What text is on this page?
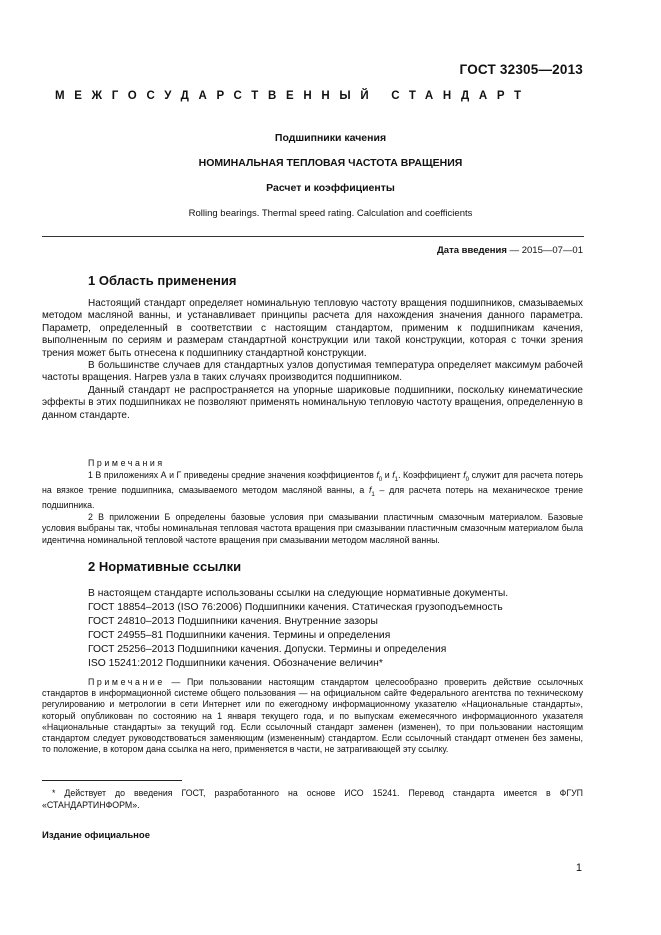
ГОСТ 32305—2013
МЕЖГОСУДАРСТВЕННЫЙ СТАНДАРТ
Подшипники качения
НОМИНАЛЬНАЯ ТЕПЛОВАЯ ЧАСТОТА ВРАЩЕНИЯ
Расчет и коэффициенты
Rolling bearings. Thermal speed rating. Calculation and coefficients
Дата введения — 2015—07—01
1 Область применения

Настоящий стандарт определяет номинальную тепловую частоту вращения подшипников, смазываемых методом масляной ванны, и устанавливает принципы расчета для нахождения значения данного параметра. Параметр, определенный в соответствии с настоящим стандартом, применим к подшипникам качения, выполненным по сериям и размерам стандартной конструкции или такой конструкции, которая с точки зрения трения может быть отнесена к подшипнику стандартной конструкции.

В большинстве случаев для стандартных узлов допустимая температура определяет максимум рабочей частоты вращения. Нагрев узла в таких случаях производится подшипником.

Данный стандарт не распространяется на упорные шариковые подшипники, поскольку кинематические эффекты в этих подшипниках не позволяют применять номинальную тепловую частоту вращения, определенную в данном стандарте.

Примечания

1 В приложениях А и Г приведены средние значения коэффициентов $f_0$ и $f_1$. Коэффициент $f_0$ служит для расчета потерь на вязкое трение подшипника, смазываемого методом масляной ванны, а $f_1$ – для расчета потерь на механическое трение подшипника.

2 В приложении Б определены базовые условия при смазывании пластичным смазочным материалом. Базовые условия выбраны так, чтобы номинальная тепловая частота вращения при смазывании пластичным смазочным материалом была идентична номинальной тепловой частоте вращения при смазывании методом масляной ванны.

2 Нормативные ссылки
В настоящем стандарте использованы ссылки на следующие нормативные документы.
ГОСТ 18854–2013 (ISO 76:2006) Подшипники качения. Статическая грузоподъемность
ГОСТ 24810–2013 Подшипники качения. Внутренние зазоры
ГОСТ 24955–81 Подшипники качения. Термины и определения
ГОСТ 25256–2013 Подшипники качения. Допуски. Термины и определения
ISO 15241:2012 Подшипники качения. Обозначение величин*

Примечание — При пользовании настоящим стандартом целесообразно проверить действие ссылочных стандартов в информационной системе общего пользования — на официальном сайте Федерального агентства по техническому регулированию и метрологии в сети Интернет или по ежегодному информационному указателю «Национальные стандарты», который опубликован по состоянию на 1 января текущего года, и по выпускам ежемесячного информационного указателя «Национальные стандарты» за текущий год. Если ссылочный стандарт заменен (изменен), то при пользовании настоящим стандартом следует руководствоваться заменяющим (измененным) стандартом. Если ссылочный стандарт отменен без замены, то положение, в котором дана ссылка на него, применяется в части, не затрагивающей эту ссылку.

* Действует до введения ГОСТ, разработанного на основе ИСО 15241. Перевод стандарта имеется в ФГУП «СТАНДАРТИНФОРМ».

Издание официальное
1
